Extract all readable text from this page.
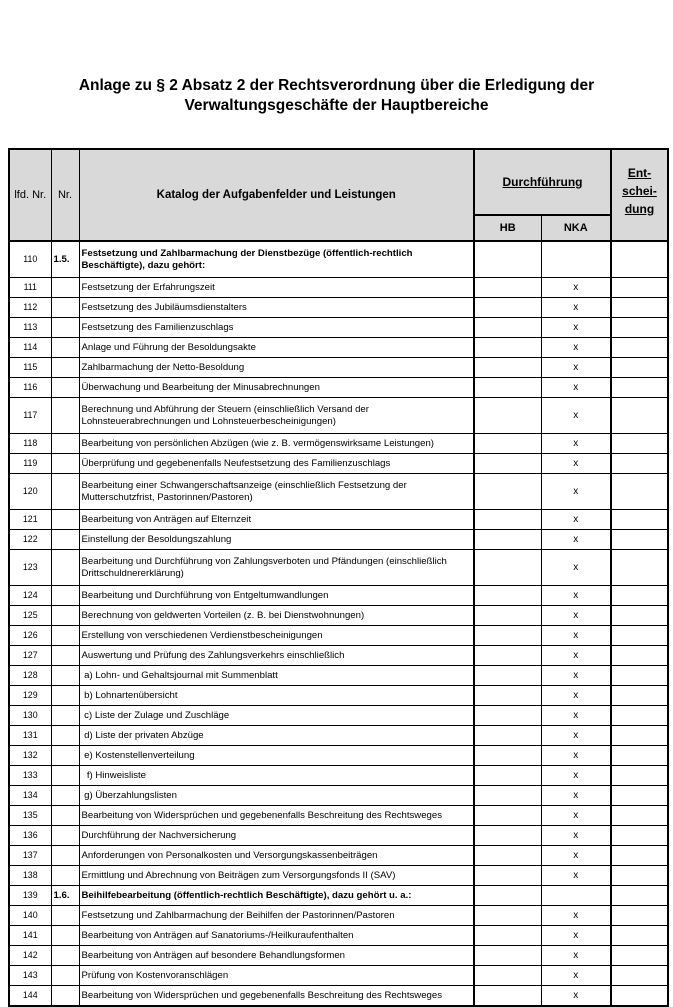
Anlage zu § 2 Absatz 2 der Rechtsverordnung über die Erledigung der
Verwaltungsgeschäfte der Hauptbereiche
lfd. Nr.	Nr.	Katalog der Aufgabenfelder und Leistungen	Durchführung		Ent-
schei-
dung

			HB	NKA	
110	1.5.	Festsetzung und Zahlbarmachung der Dienstbezüge (öffentlich-rechtlich Beschäftigte), dazu gehört:			
111		Festsetzung der Erfahrungszeit		x	
112		Festsetzung des Jubiläumsdienstalters		x	
113		Festsetzung des Familienzuschlags		x	
114		Anlage und Führung der Besoldungsakte		x	
115		Zahlbarmachung der Netto-Besoldung		x	
116		Überwachung und Bearbeitung der Minusabrechnungen		x	
117		Berechnung und Abführung der Steuern (einschließlich Versand der Lohnsteuerabrechnungen und Lohnsteuerbescheinigungen)		x	
118		Bearbeitung von persönlichen Abzügen (wie z. B. vermögenswirksame Leistungen)		x	
119		Überprüfung und gegebenenfalls Neufestsetzung des Familienzuschlags		x	
120		Bearbeitung einer Schwangerschaftsanzeige (einschließlich Festsetzung der Mutterschutzfrist, Pastorinnen/Pastoren)		x	
121		Bearbeitung von Anträgen auf Elternzeit		x	
122		Einstellung der Besoldungszahlung		x	
123		Bearbeitung und Durchführung von Zahlungsverboten und Pfändungen (einschließlich Drittschuldnererklärung)		x	
124		Bearbeitung und Durchführung von Entgeltumwandlungen		x	
125		Berechnung von geldwerten Vorteilen (z. B. bei Dienstwohnungen)		x	
126		Erstellung von verschiedenen Verdienstbescheinigungen		x	
127		Auswertung und Prüfung des Zahlungsverkehrs einschließlich		x	
128		a) Lohn- und Gehaltsjournal mit Summenblatt		x	
129		b) Lohnartenübersicht		x	
130		c) Liste der Zulage und Zuschläge		x	
131		d) Liste der privaten Abzüge		x	
132		e) Kostenstellenverteilung		x	
133		f) Hinweisliste		x	
134		g) Überzahlungslisten		x	
135		Bearbeitung von Widersprüchen und gegebenenfalls Beschreitung des Rechtsweges		x	
136		Durchführung der Nachversicherung		x	
137		Anforderungen von Personalkosten und Versorgungskassenbeiträgen		x	
138		Ermittlung und Abrechnung von Beiträgen zum Versorgungsfonds II (SAV)		x	
139	1.6.	Beihilfebearbeitung (öffentlich-rechtlich Beschäftigte), dazu gehört u. a.:			
140		Festsetzung und Zahlbarmachung der Beihilfen der Pastorinnen/Pastoren		x	
141		Bearbeitung von Anträgen auf Sanatoriums-/Heilkuraufenthalten		x	
142		Bearbeitung von Anträgen auf besondere Behandlungsformen		x	
143		Prüfung von Kostenvoranschlägen		x	
144		Bearbeitung von Widersprüchen und gegebenenfalls Beschreitung des Rechtsweges		x	
